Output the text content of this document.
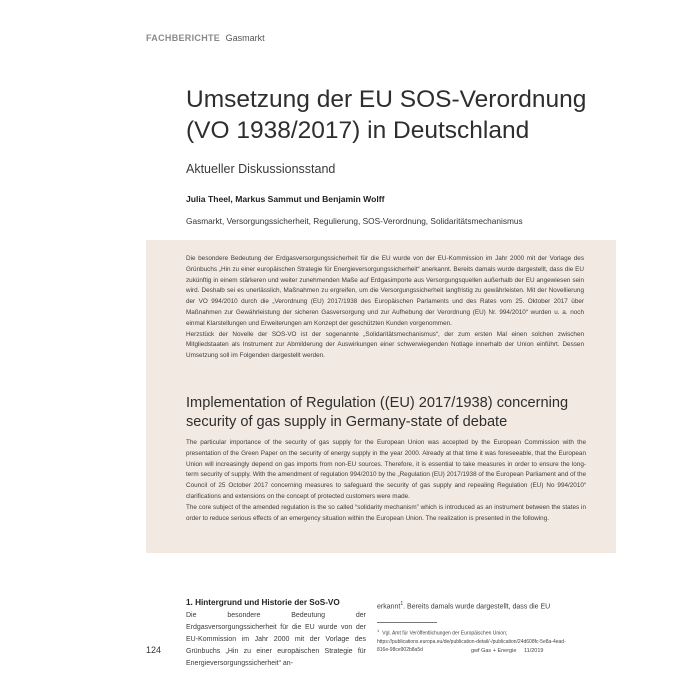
FACHBERICHTE Gasmarkt
Umsetzung der EU SOS-Verordnung
(VO 1938/2017) in Deutschland
Aktueller Diskussionsstand
Julia Theel, Markus Sammut und Benjamin Wolff
Gasmarkt, Versorgungssicherheit, Regulierung, SOS-Verordnung, Solidaritätsmechanismus

Die besondere Bedeutung der Erdgasversorgungssicherheit für die EU wurde von der EU-Kommission im Jahr 2000 mit der Vorlage des Grünbuchs „Hin zu einer europäischen Strategie für Energieversorgungssicherheit“ anerkannt. Bereits damals wurde dargestellt, dass die EU zukünftig in einem stärkeren und weiter zunehmenden Maße auf Erdgasimporte aus Versorgungsquellen außerhalb der EU angewiesen sein wird. Deshalb sei es unerlässlich, Maßnahmen zu ergreifen, um die Versorgungssicherheit langfristig zu gewährleisten. Mit der Novellierung der VO 994/2010 durch die „Verordnung (EU) 2017/1938 des Europäischen Parlaments und des Rates vom 25. Oktober 2017 über Maßnahmen zur Gewährleistung der sicheren Gasversorgung und zur Aufhebung der Verordnung (EU) Nr. 994/2010“ wurden u. a. noch einmal Klarstellungen und Erweiterungen am Konzept der geschützten Kunden vorgenommen.

Herzstück der Novelle der SOS-VO ist der sogenannte „Solidaritätsmechanismus“, der zum ersten Mal einen solchen zwischen Mitgliedstaaten als Instrument zur Abmilderung der Auswirkungen einer schwerwiegenden Notlage innerhalb der Union einführt. Dessen Umsetzung soll im Folgenden dargestellt werden.

Implementation of Regulation ((EU) 2017/1938) concerning security of gas supply in Germany-state of debate

The particular importance of the security of gas supply for the European Union was accepted by the European Commission with the presentation of the Green Paper on the security of energy supply in the year 2000. Already at that time it was foreseeable, that the European Union will increasingly depend on gas imports from non-EU sources. Therefore, it is essential to take measures in order to ensure the long-term security of supply. With the amendment of regulation 994/2010 by the „Regulation (EU) 2017/1938 of the European Parliament and of the Council of 25 October 2017 concerning measures to safeguard the security of gas supply and repealing Regulation (EU) No 994/2010“ clarifications and extensions on the concept of protected customers were made.

The core subject of the amended regulation is the so called “solidarity mechanism” which is introduced as an instrument between the states in order to reduce serious effects of an emergency situation within the European Union. The realization is presented in the following.

1. Hintergrund und Historie der SoS-VO
Die besondere Bedeutung der Erdgasversorgungssicherheit für die EU wurde von der EU-Kommission im Jahr 2000 mit der Vorlage des Grünbuchs „Hin zu einer europäischen Strategie für Energieversorgungssicherheit“ an-
erkannt$^1$. Bereits damals wurde dargestellt, dass die EU
$^1$Vgl. Amt für Veröffentlichungen der Europäischen Union; https://publications.europa.eu/de/publication-detail/-/publication/24d608fc-5e8a-4ead-816e-98ce902b8a5d
124	gwf Gas + Energie 11/2019
